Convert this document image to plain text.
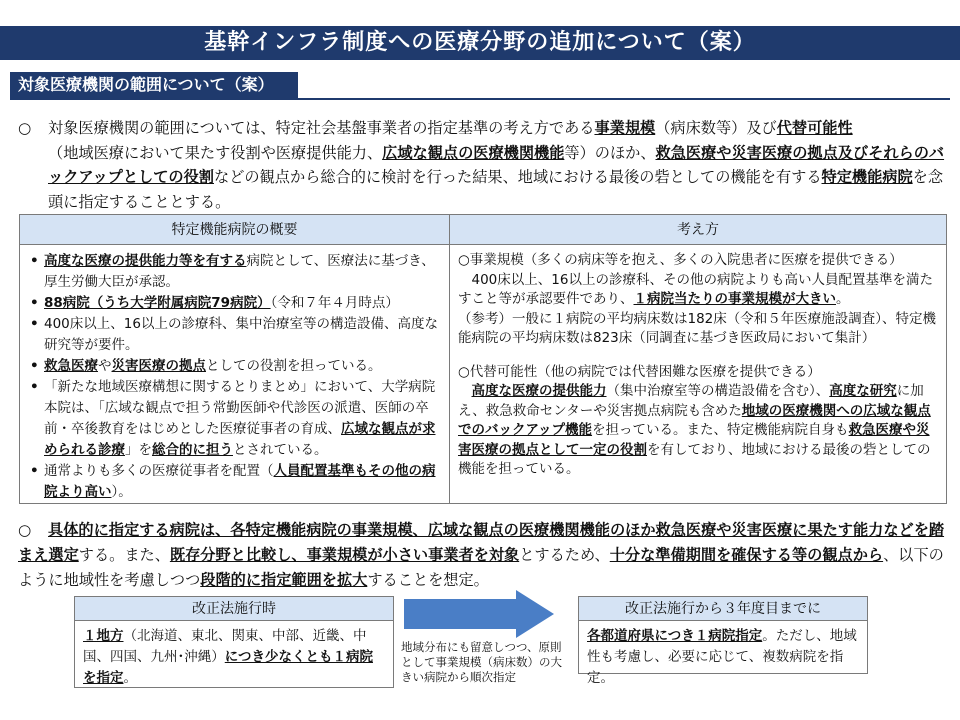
基幹インフラ制度への医療分野の追加について（案）
対象医療機関の範囲について（案）
○ 対象医療機関の範囲については、特定社会基盤事業者の指定基準の考え方である事業規模（病床数等）及び代替可能性
（地域医療において果たす役割や医療提供能力、広域な観点の医療機関機能等）のほか、救急医療や災害医療の拠点及びそれらのバックアップとしての役割などの観点から総合的に検討を行った結果、地域における最後の砦としての機能を有する特定機能病院を念頭に指定することとする。
特定機能病院の概要	考え方
• 高度な医療の提供能力等を有する病院として、医療法に基づき、厚生労働大臣が承認。
• 88病院（うち大学附属病院79病院）（令和７年４月時点）
• 400床以上、16以上の診療科、集中治療室等の構造設備、高度な研究等が要件。
• 救急医療や災害医療の拠点としての役割を担っている。
• 「新たな地域医療構想に関するとりまとめ」において、大学病院本院は、「広域な観点で担う常勤医師や代診医の派遣、医師の卒前・卒後教育をはじめとした医療従事者の育成、広域な観点が求められる診療」を総合的に担うとされている。
• 通常よりも多くの医療従事者を配置（人員配置基準もその他の病院より高い）。

○事業規模（多くの病床等を抱え、多くの入院患者に医療を提供できる）

　400床以上、16以上の診療科、その他の病院よりも高い人員配置基準を満たすこと等が承認要件であり、１病院当たりの事業規模が大きい。

（参考）一般に１病院の平均病床数は182床（令和５年医療施設調査）、特定機能病院の平均病床数は823床（同調査に基づき医政局において集計）

○代替可能性（他の病院では代替困難な医療を提供できる）

　高度な医療の提供能力（集中治療室等の構造設備を含む）、高度な研究に加え、救急救命センターや災害拠点病院も含めた地域の医療機関への広域な観点でのバックアップ機能を担っている。また、特定機能病院自身も救急医療や災害医療の拠点として一定の役割を有しており、地域における最後の砦としての機能を担っている。

○ 具体的に指定する病院は、各特定機能病院の事業規模、広域な観点の医療機関機能のほか救急医療や災害医療に果たす能力などを踏まえ選定する。また、既存分野と比較し、事業規模が小さい事業者を対象とするため、十分な準備期間を確保する等の観点から、以下のように地域性を考慮しつつ段階的に指定範囲を拡大することを想定。
改正法施行時
１地方（北海道、東北、関東、中部、近畿、中国、四国、九州･沖縄）につき少なくとも１病院を指定。
地域分布にも留意しつつ、原則として事業規模（病床数）の大きい病院から順次指定
改正法施行から３年度目までに
各都道府県につき１病院指定。ただし、地域性も考慮し、必要に応じて、複数病院を指定。
